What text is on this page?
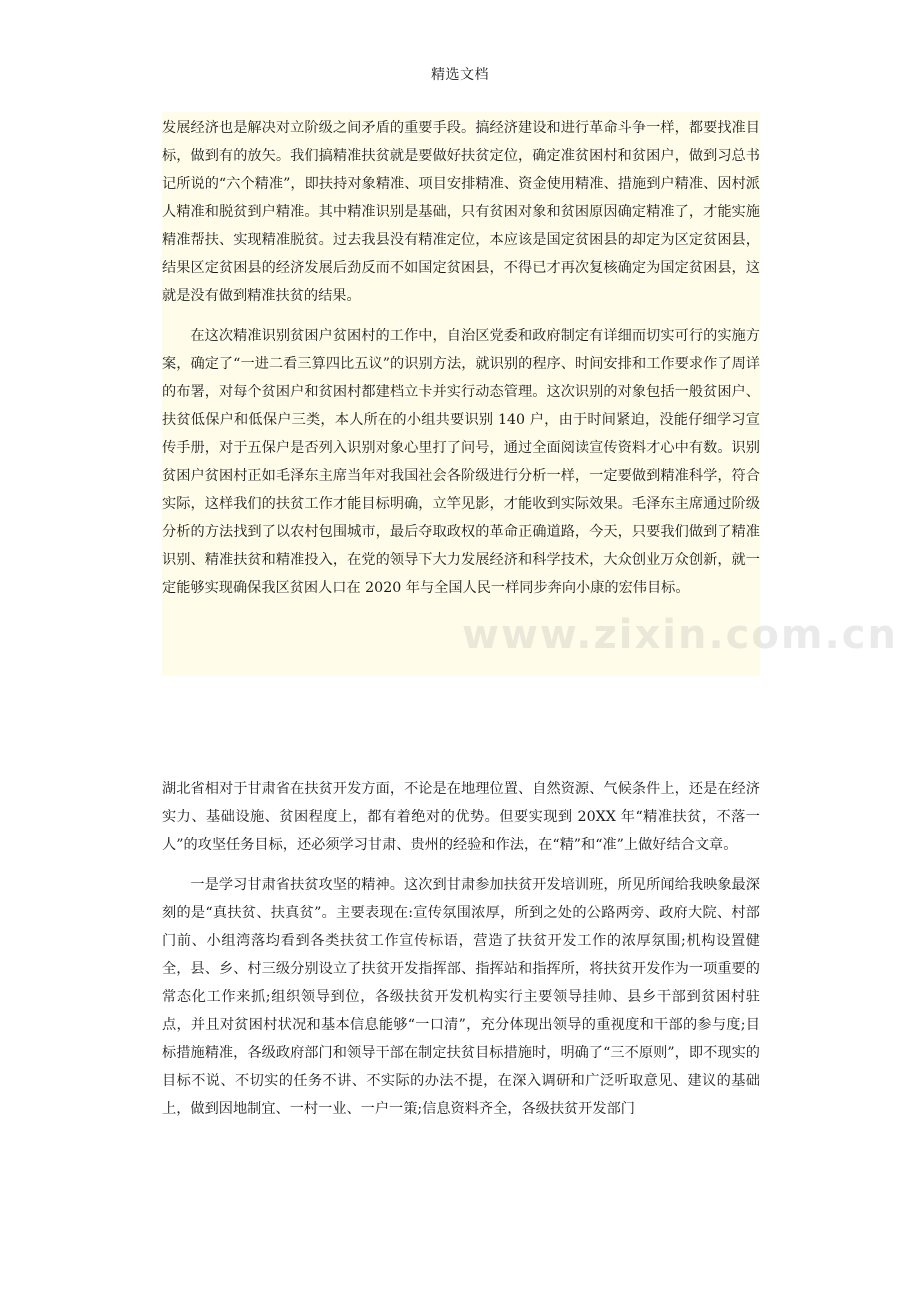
精选文档

发展经济也是解决对立阶级之间矛盾的重要手段。搞经济建设和进行革命斗争一样，都要找准目标，做到有的放矢。我们搞精准扶贫就是要做好扶贫定位，确定准贫困村和贫困户，做到习总书记所说的“六个精准”，即扶持对象精准、项目安排精准、资金使用精准、措施到户精准、因村派人精准和脱贫到户精准。其中精准识别是基础，只有贫困对象和贫困原因确定精准了，才能实施精准帮扶、实现精准脱贫。过去我县没有精准定位，本应该是国定贫困县的却定为区定贫困县，结果区定贫困县的经济发展后劲反而不如国定贫困县，不得已才再次复核确定为国定贫困县，这就是没有做到精准扶贫的结果。

在这次精准识别贫困户贫困村的工作中，自治区党委和政府制定有详细而切实可行的实施方案，确定了“一进二看三算四比五议”的识别方法，就识别的程序、时间安排和工作要求作了周详的布署，对每个贫困户和贫困村都建档立卡并实行动态管理。这次识别的对象包括一般贫困户、扶贫低保户和低保户三类，本人所在的小组共要识别 140 户，由于时间紧迫，没能仔细学习宣传手册，对于五保户是否列入识别对象心里打了问号，通过全面阅读宣传资料才心中有数。识别贫困户贫困村正如毛泽东主席当年对我国社会各阶级进行分析一样，一定要做到精准科学，符合实际，这样我们的扶贫工作才能目标明确，立竿见影，才能收到实际效果。毛泽东主席通过阶级分析的方法找到了以农村包围城市，最后夺取政权的革命正确道路，今天，只要我们做到了精准识别、精准扶贫和精准投入，在党的领导下大力发展经济和科学技术，大众创业万众创新，就一定能够实现确保我区贫困人口在 2020 年与全国人民一样同步奔向小康的宏伟目标。

www.zixin.com.cn

湖北省相对于甘肃省在扶贫开发方面，不论是在地理位置、自然资源、气候条件上，还是在经济实力、基础设施、贫困程度上，都有着绝对的优势。但要实现到 20XX 年“精准扶贫，不落一人”的攻坚任务目标，还必须学习甘肃、贵州的经验和作法，在“精”和“准”上做好结合文章。

一是学习甘肃省扶贫攻坚的精神。这次到甘肃参加扶贫开发培训班，所见所闻给我映象最深刻的是“真扶贫、扶真贫”。主要表现在:宣传氛围浓厚，所到之处的公路两旁、政府大院、村部门前、小组湾落均看到各类扶贫工作宣传标语，营造了扶贫开发工作的浓厚氛围;机构设置健全，县、乡、村三级分别设立了扶贫开发指挥部、指挥站和指挥所，将扶贫开发作为一项重要的常态化工作来抓;组织领导到位，各级扶贫开发机构实行主要领导挂帅、县乡干部到贫困村驻点，并且对贫困村状况和基本信息能够“一口清”，充分体现出领导的重视度和干部的参与度;目标措施精准，各级政府部门和领导干部在制定扶贫目标措施时，明确了“三不原则”，即不现实的目标不说、不切实的任务不讲、不实际的办法不提，在深入调研和广泛听取意见、建议的基础上，做到因地制宜、一村一业、一户一策;信息资料齐全，各级扶贫开发部门
